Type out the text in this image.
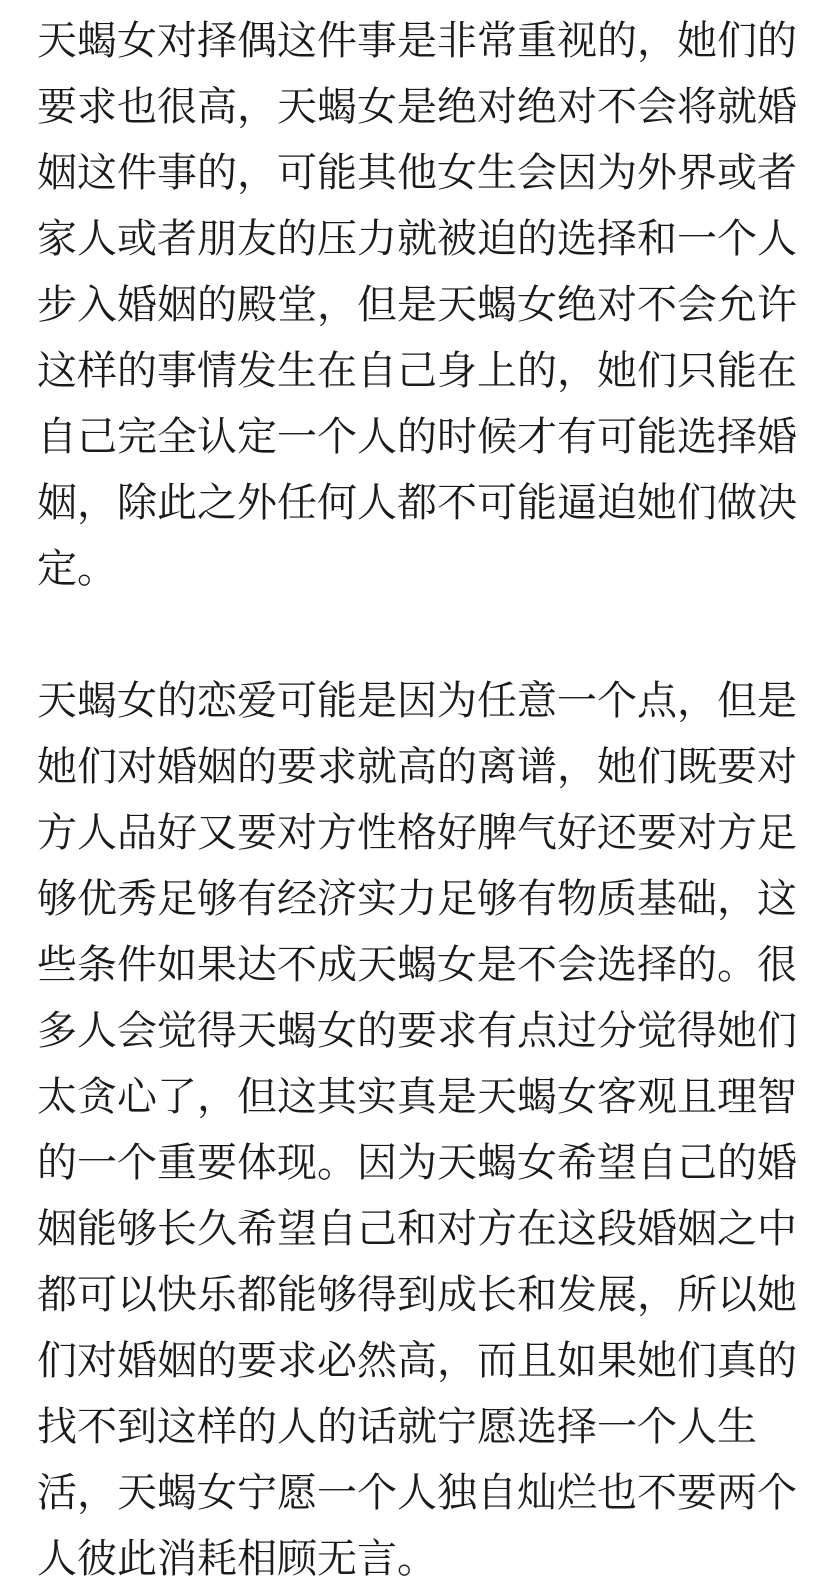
天蝎女对择偶这件事是非常重视的，她们的
要求也很高，天蝎女是绝对绝对不会将就婚
姻这件事的，可能其他女生会因为外界或者
家人或者朋友的压力就被迫的选择和一个人
步入婚姻的殿堂，但是天蝎女绝对不会允许
这样的事情发生在自己身上的，她们只能在
自己完全认定一个人的时候才有可能选择婚
姻，除此之外任何人都不可能逼迫她们做决
定。
天蝎女的恋爱可能是因为任意一个点，但是
她们对婚姻的要求就高的离谱，她们既要对
方人品好又要对方性格好脾气好还要对方足
够优秀足够有经济实力足够有物质基础，这
些条件如果达不成天蝎女是不会选择的。很
多人会觉得天蝎女的要求有点过分觉得她们
太贪心了，但这其实真是天蝎女客观且理智
的一个重要体现。因为天蝎女希望自己的婚
姻能够长久希望自己和对方在这段婚姻之中
都可以快乐都能够得到成长和发展，所以她
们对婚姻的要求必然高，而且如果她们真的
找不到这样的人的话就宁愿选择一个人生
活，天蝎女宁愿一个人独自灿烂也不要两个
人彼此消耗相顾无言。
